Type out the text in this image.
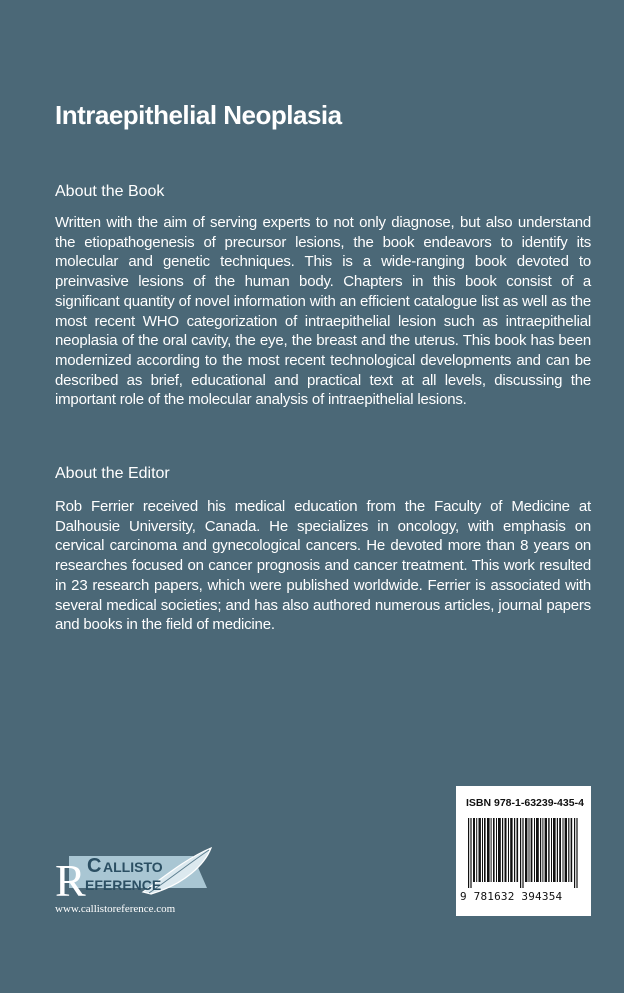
Intraepithelial Neoplasia
About the Book

Written with the aim of serving experts to not only diagnose, but also understand the etiopathogenesis of precursor lesions, the book endeavors to identify its molecular and genetic techniques. This is a wide-ranging book devoted to preinvasive lesions of the human body. Chapters in this book consist of a significant quantity of novel information with an efficient catalogue list as well as the most recent WHO categorization of intraepithelial lesion such as intraepithelial neoplasia of the oral cavity, the eye, the breast and the uterus. This book has been modernized according to the most recent technological developments and can be described as brief, educational and practical text at all levels, discussing the important role of the molecular analysis of intraepithelial lesions.

About the Editor

Rob Ferrier received his medical education from the Faculty of Medicine at Dalhousie University, Canada. He specializes in oncology, with emphasis on cervical carcinoma and gynecological cancers. He devoted more than 8 years on researches focused on cancer prognosis and cancer treatment. This work resulted in 23 research papers, which were published worldwide. Ferrier is associated with several medical societies; and has also authored numerous articles, journal papers and books in the field of medicine.

ISBN 978-1-63239-435-4
9 781632 394354
R C ALLISTO
EFERENCE
www.callistoreference.com
